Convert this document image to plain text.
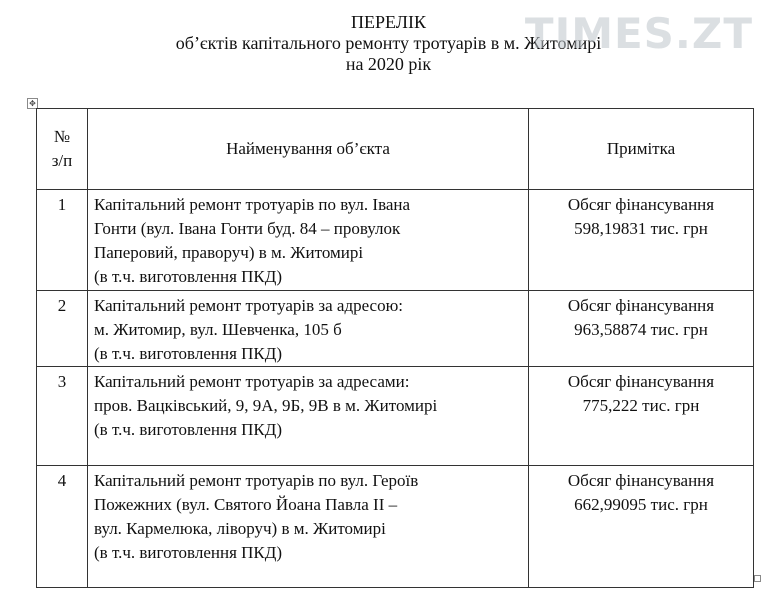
ПЕРЕЛІК
об’єктів капітального ремонту тротуарів в м. Житомирі
на 2020 рік
TIMES.ZT
✥
№
з/п	Найменування об’єкта	Примітка
1	Капітальний ремонт тротуарів по вул. Івана
Гонти (вул. Івана Гонти буд. 84 – провулок
Паперовий, праворуч) в м. Житомирі
(в т.ч. виготовлення ПКД)	Обсяг фінансування
598,19831 тис. грн
2	Капітальний ремонт тротуарів за адресою:
м. Житомир, вул. Шевченка, 105 б
(в т.ч. виготовлення ПКД)	Обсяг фінансування
963,58874 тис. грн
3	Капітальний ремонт тротуарів за адресами:
пров. Вацківський, 9, 9А, 9Б, 9В в м. Житомирі
(в т.ч. виготовлення ПКД)	Обсяг фінансування
775,222 тис. грн
4	Капітальний ремонт тротуарів по вул. Героїв
Пожежних (вул. Святого Йоана Павла ІІ –
вул. Кармелюка, ліворуч) в м. Житомирі
(в т.ч. виготовлення ПКД)	Обсяг фінансування
662,99095 тис. грн
